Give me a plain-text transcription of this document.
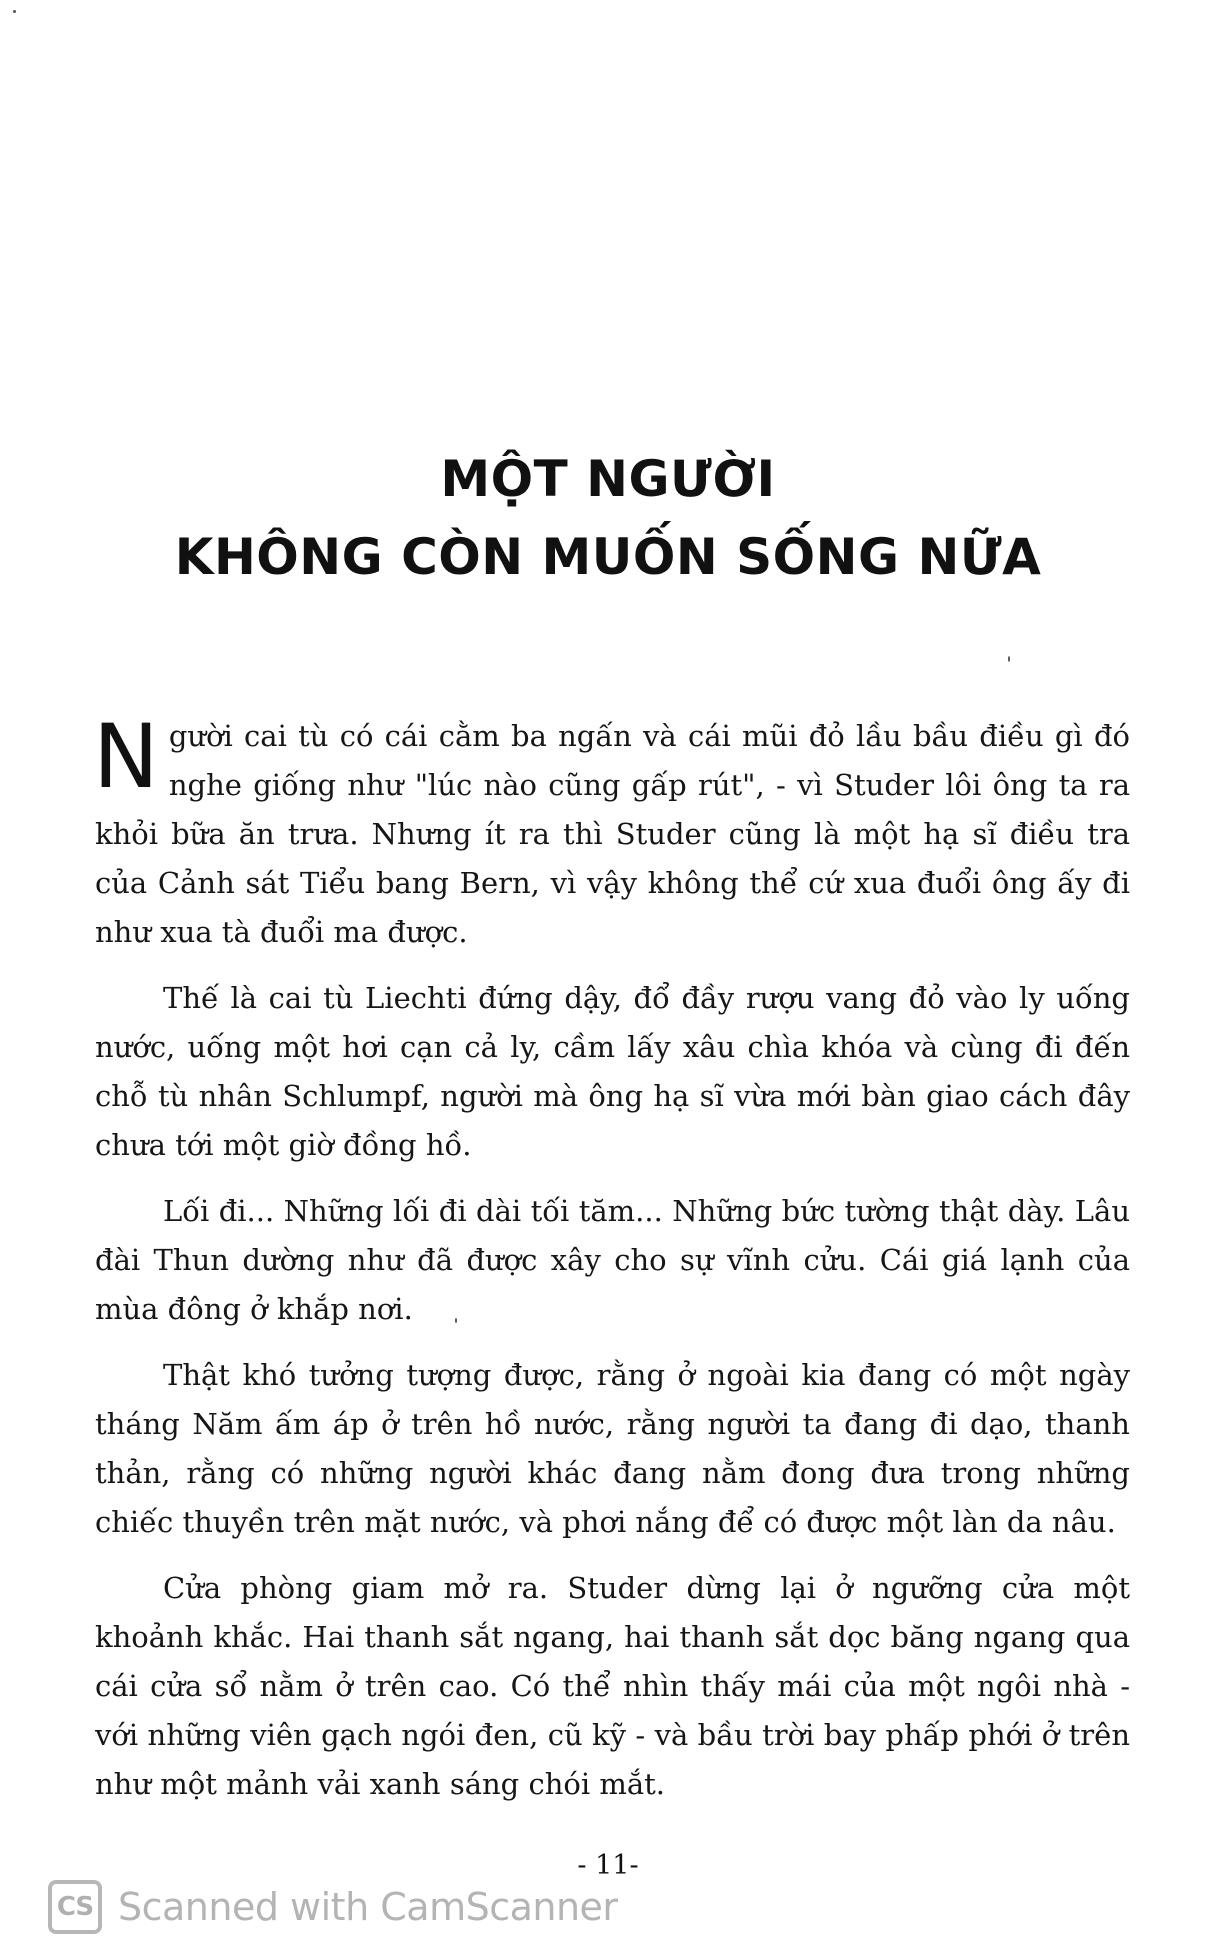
MỘT NGƯỜI
KHÔNG CÒN MUỐN SỐNG NỮA

Người cai tù có cái cằm ba ngấn và cái mũi đỏ lầu bầu điều gì đó nghe giống như "lúc nào cũng gấp rút", - vì Studer lôi ông ta ra khỏi bữa ăn trưa. Nhưng ít ra thì Studer cũng là một hạ sĩ điều tra của Cảnh sát Tiểu bang Bern, vì vậy không thể cứ xua đuổi ông ấy đi như xua tà đuổi ma được.

Thế là cai tù Liechti đứng dậy, đổ đầy rượu vang đỏ vào ly uống nước, uống một hơi cạn cả ly, cầm lấy xâu chìa khóa và cùng đi đến chỗ tù nhân Schlumpf, người mà ông hạ sĩ vừa mới bàn giao cách đây chưa tới một giờ đồng hồ.

Lối đi... Những lối đi dài tối tăm... Những bức tường thật dày. Lâu đài Thun dường như đã được xây cho sự vĩnh cửu. Cái giá lạnh của mùa đông ở khắp nơi.

Thật khó tưởng tượng được, rằng ở ngoài kia đang có một ngày tháng Năm ấm áp ở trên hồ nước, rằng người ta đang đi dạo, thanh thản, rằng có những người khác đang nằm đong đưa trong những chiếc thuyền trên mặt nước, và phơi nắng để có được một làn da nâu.

Cửa phòng giam mở ra. Studer dừng lại ở ngưỡng cửa một khoảnh khắc. Hai thanh sắt ngang, hai thanh sắt dọc băng ngang qua cái cửa sổ nằm ở trên cao. Có thể nhìn thấy mái của một ngôi nhà - với những viên gạch ngói đen, cũ kỹ - và bầu trời bay phấp phới ở trên như một mảnh vải xanh sáng chói mắt.

- 11-
CS Scanned with CamScanner
